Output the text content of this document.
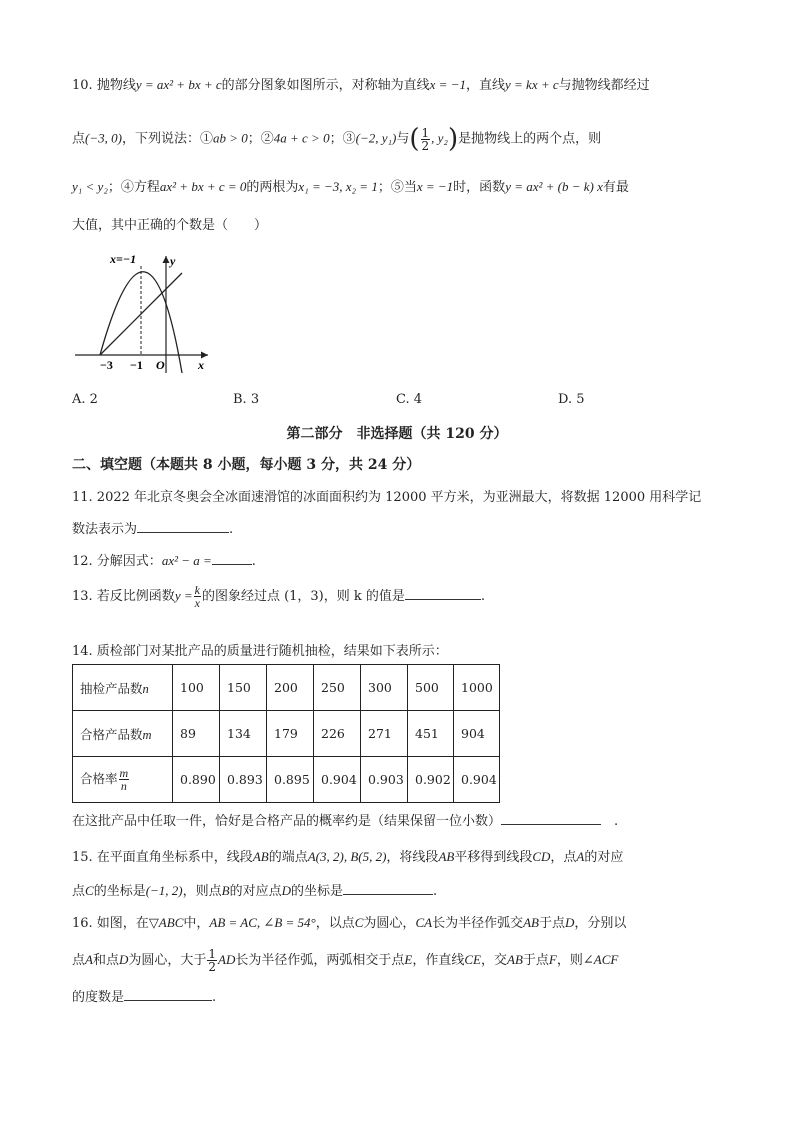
10. 抛物线y = ax² + bx + c的部分图象如图所示，对称轴为直线x = −1，直线y = kx + c与抛物线都经过
点(−3, 0)，下列说法：①ab > 0；②4a + c > 0；③(−2, y₁)与( $\frac{1}{2}$ , y₂)是抛物线上的两个点，则
y₁ < y₂；④方程ax² + bx + c = 0的两根为x₁ = −3, x₂ = 1；⑤当x = −1时，函数y = ax² + (b − k) x有最
大值，其中正确的个数是（　　）
x=−1	y
x
O
−3 −1
A. 2	B. 3	C. 4	D. 5
第二部分　非选择题（共 120 分）
二、填空题（本题共 8 小题，每小题 3 分，共 24 分）
11. 2022 年北京冬奥会全冰面速滑馆的冰面面积约为 12000 平方米，为亚洲最大，将数据 12000 用科学记
数法表示为	.
12. 分解因式：ax² − a =	.
13. 若反比例函数$y = \frac{k}{x}$ 的图象经过点 (1，3)，则 k 的值是	.
14. 质检部门对某批产品的质量进行随机抽检，结果如下表所示：
抽检产品数n	100	150	200	250	300	500	1000
合格产品数m	89	134	179	226	271	451	904
合格率 $\frac{m}{n}$	0.890	0.893	0.895	0.904	0.903	0.902	0.904
在这批产品中任取一件，恰好是合格产品的概率约是（结果保留一位小数）　	.
15. 在平面直角坐标系中，线段AB的端点A(3, 2), B(5, 2)，将线段AB平移得到线段CD，点A的对应
点C的坐标是(−1, 2)，则点B的对应点D的坐标是	.
16. 如图，在▽ABC中，AB = AC, ∠B = 54°，以点C为圆心，CA长为半径作弧交AB于点D，分别以
点A和点D为圆心，大于 $\frac{1}{2}$ AD长为半径作弧，两弧相交于点E，作直线CE，交AB于点F，则∠ACF
的度数是	.
